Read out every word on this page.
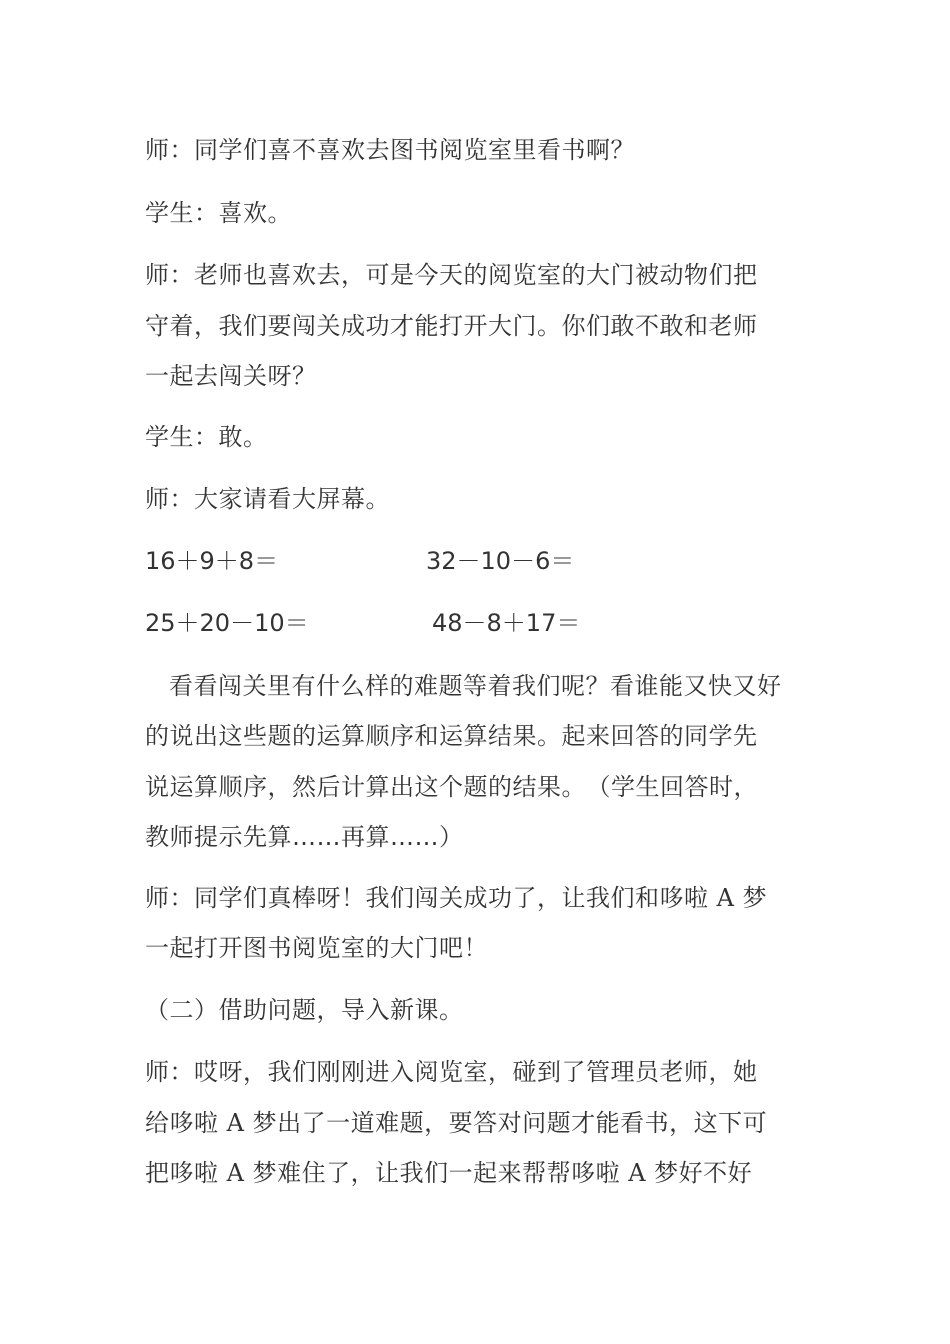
师：同学们喜不喜欢去图书阅览室里看书啊？
学生：喜欢。
师：老师也喜欢去，可是今天的阅览室的大门被动物们把
守着，我们要闯关成功才能打开大门。你们敢不敢和老师
一起去闯关呀？
学生：敢。
师：大家请看大屏幕。
16＋9＋8＝	32－10－6＝
25＋20－10＝	48－8＋17＝
看看闯关里有什么样的难题等着我们呢？看谁能又快又好
的说出这些题的运算顺序和运算结果。起来回答的同学先
说运算顺序，然后计算出这个题的结果。　（学生回答时，
教师提示先算……再算……）
师：同学们真棒呀！我们闯关成功了，让我们和哆啦 A 梦
一起打开图书阅览室的大门吧！
（二）借助问题，导入新课。
师：哎呀，我们刚刚进入阅览室，碰到了管理员老师，她
给哆啦 A 梦出了一道难题，要答对问题才能看书，这下可
把哆啦 A 梦难住了，让我们一起来帮帮哆啦 A 梦好不好
